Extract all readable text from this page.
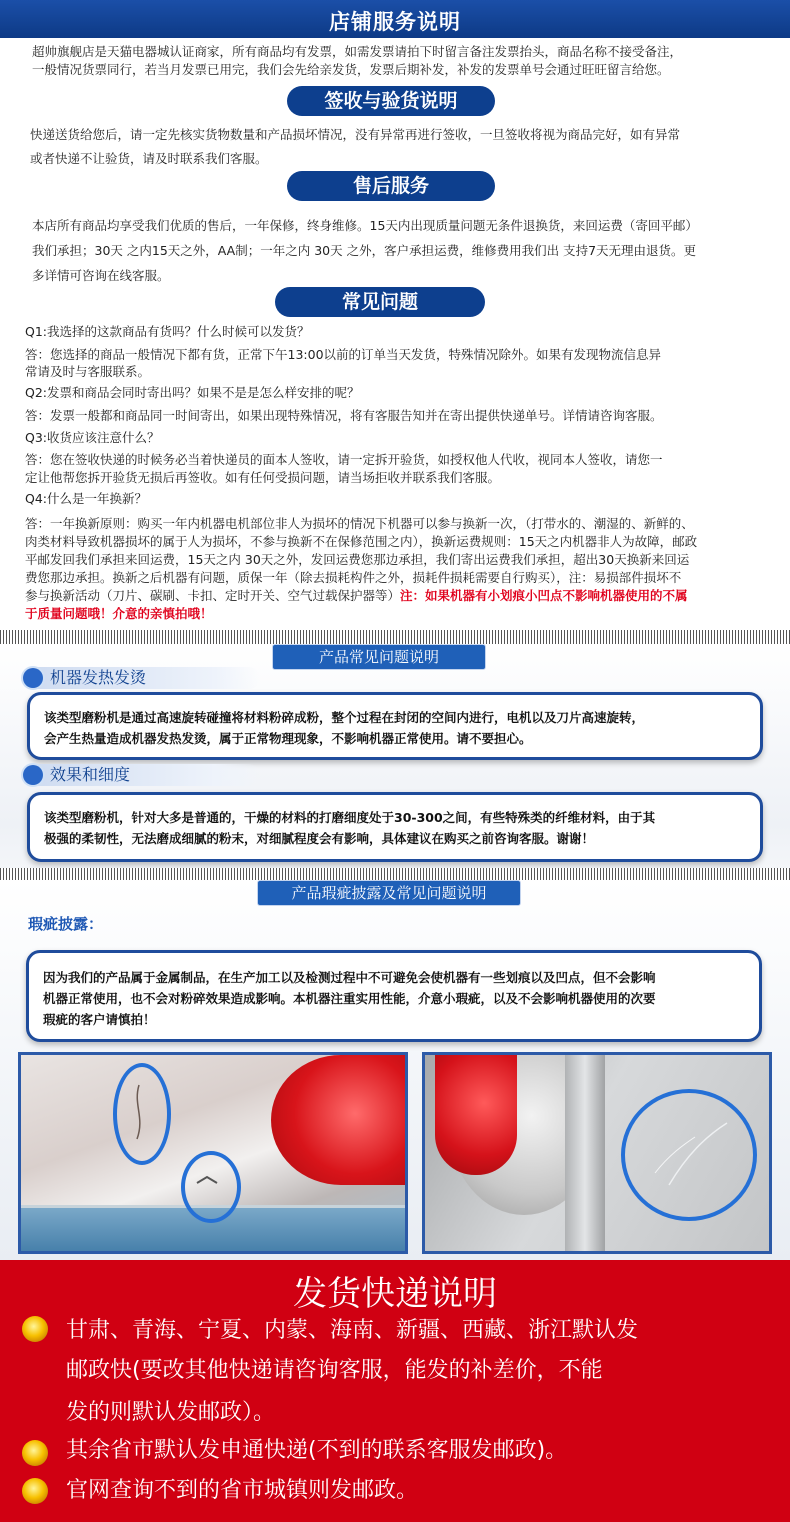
店铺服务说明
超帅旗舰店是天猫电器城认证商家，所有商品均有发票，如需发票请拍下时留言备注发票抬头，商品名称不接受备注，
一般情况货票同行，若当月发票已用完，我们会先给亲发货，发票后期补发，补发的发票单号会通过旺旺留言给您。
签收与验货说明
快递送货给您后，请一定先核实货物数量和产品损坏情况，没有异常再进行签收，一旦签收将视为商品完好，如有异常
或者快递不让验货，请及时联系我们客服。
售后服务
本店所有商品均享受我们优质的售后，一年保修，终身维修。15天内出现质量问题无条件退换货，来回运费（寄回平邮）
我们承担；30天 之内15天之外，AA制；一年之内 30天 之外，客户承担运费，维修费用我们出 支持7天无理由退货。更
多详情可咨询在线客服。
常见问题
Q1:我选择的这款商品有货吗？什么时候可以发货？
答：您选择的商品一般情况下都有货，正常下午13:00以前的订单当天发货，特殊情况除外。如果有发现物流信息异
常请及时与客服联系。
Q2:发票和商品会同时寄出吗？如果不是是怎么样安排的呢？
答：发票一般都和商品同一时间寄出，如果出现特殊情况，将有客服告知并在寄出提供快递单号。详情请咨询客服。
Q3:收货应该注意什么？
答：您在签收快递的时候务必当着快递员的面本人签收，请一定拆开验货，如授权他人代收，视同本人签收，请您一
定让他帮您拆开验货无损后再签收。如有任何受损问题，请当场拒收并联系我们客服。
Q4:什么是一年换新？
答：一年换新原则：购买一年内机器电机部位非人为损坏的情况下机器可以参与换新一次，（打带水的、潮湿的、新鲜的、
肉类材料导致机器损坏的属于人为损坏，不参与换新不在保修范围之内），换新运费规则：15天之内机器非人为故障，邮政
平邮发回我们承担来回运费，15天之内 30天之外，发回运费您那边承担，我们寄出运费我们承担，超出30天换新来回运
费您那边承担。换新之后机器有问题，质保一年（除去损耗构件之外，损耗件损耗需要自行购买），注：易损部件损坏不
参与换新活动（刀片、碳刷、卡扣、定时开关、空气过载保护器等）注：如果机器有小划痕小凹点不影响机器使用的不属
于质量问题哦！介意的亲慎拍哦！
产品常见问题说明
机器发热发烫
该类型磨粉机是通过高速旋转碰撞将材料粉碎成粉，整个过程在封闭的空间内进行，电机以及刀片高速旋转，
会产生热量造成机器发热发烫，属于正常物理现象，不影响机器正常使用。请不要担心。
效果和细度
该类型磨粉机，针对大多是普通的，干燥的材料的打磨细度处于30-300之间，有些特殊类的纤维材料，由于其
极强的柔韧性，无法磨成细腻的粉末，对细腻程度会有影响，具体建议在购买之前咨询客服。谢谢！
产品瑕疵披露及常见问题说明
瑕疵披露：
因为我们的产品属于金属制品，在生产加工以及检测过程中不可避免会使机器有一些划痕以及凹点，但不会影响
机器正常使用，也不会对粉碎效果造成影响。本机器注重实用性能，介意小瑕疵，以及不会影响机器使用的次要
瑕疵的客户请慎拍！
发货快递说明
甘肃、青海、宁夏、内蒙、海南、新疆、西藏、浙江默认发
邮政快(要改其他快递请咨询客服，能发的补差价，不能
发的则默认发邮政）。
其余省市默认发申通快递(不到的联系客服发邮政)。
官网查询不到的省市城镇则发邮政。
